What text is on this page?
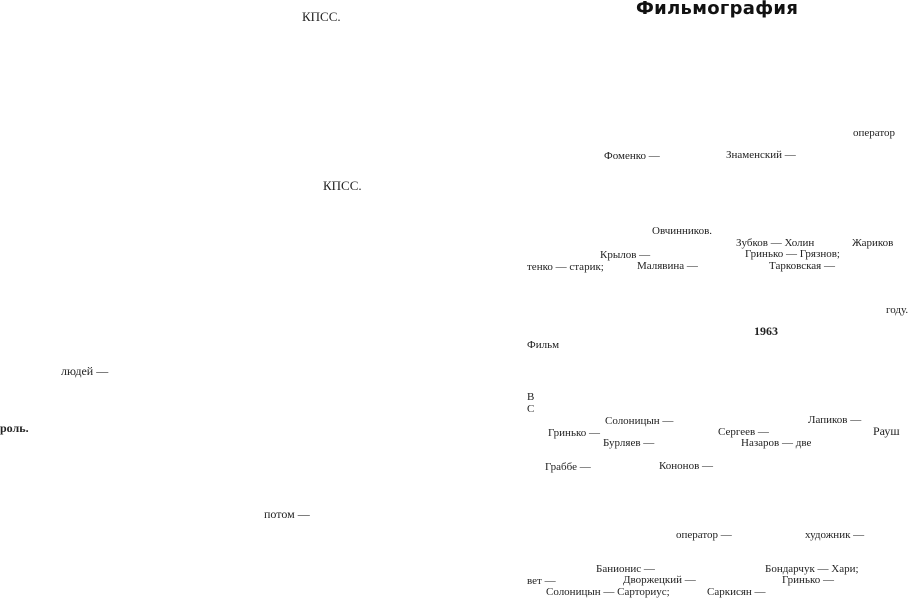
Фильмография
КПСС.
КПСС.
людей —
роль.
потом —
оператор
Фоменко —	Знаменский —
Овчинников.
Зубков — Холин	Жариков
Крылов —	Гринько — Грязнов;
тенко — старик;	Малявина —	Тарковская —
году.
1963
Фильм
В
С
Солоницын —	Лапиков —
Гринько —	Сергеев —	Рауш
Бурляев —	Назаров — две
Граббе —	Кононов —
оператор —	художник —
Банионис —	Бондарчук — Хари;
вет —	Дворжецкий —	Гринько —
Солоницын — Сарториус;	Саркисян —
